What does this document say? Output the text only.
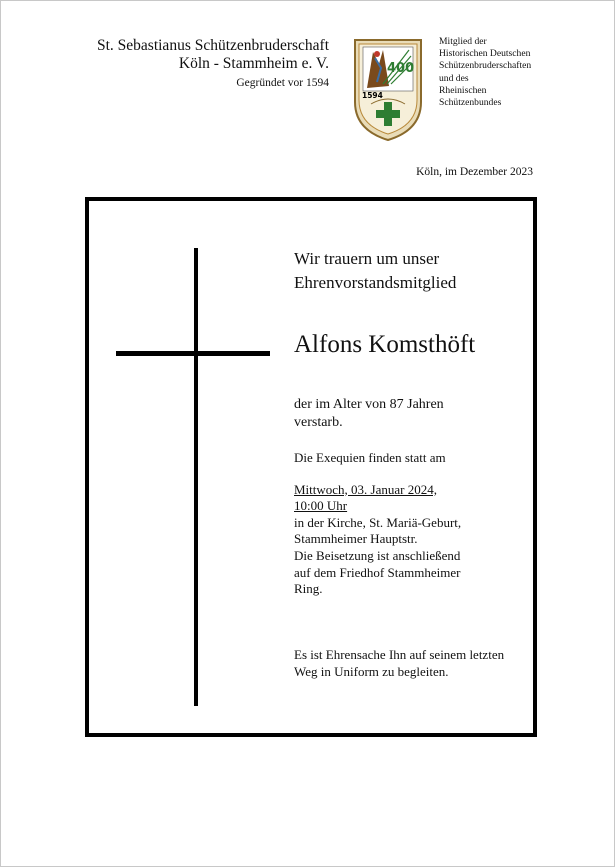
St. Sebastianus Schützenbruderschaft
Köln - Stammheim e. V.
Gegründet vor 1594
400
1594
Mitglied der
Historischen Deutschen
Schützenbruderschaften
und des
Rheinischen
Schützenbundes
Köln, im Dezember 2023
Wir trauern um unser
Ehrenvorstandsmitglied
Alfons Komsthöft
der im Alter von 87 Jahren
verstarb.
Die Exequien finden statt am
Mittwoch, 03. Januar 2024,
10:00 Uhr
in der Kirche, St. Mariä-Geburt,
Stammheimer Hauptstr.
Die Beisetzung ist anschließend
auf dem Friedhof Stammheimer
Ring.
Es ist Ehrensache Ihn auf seinem letzten
Weg in Uniform zu begleiten.
